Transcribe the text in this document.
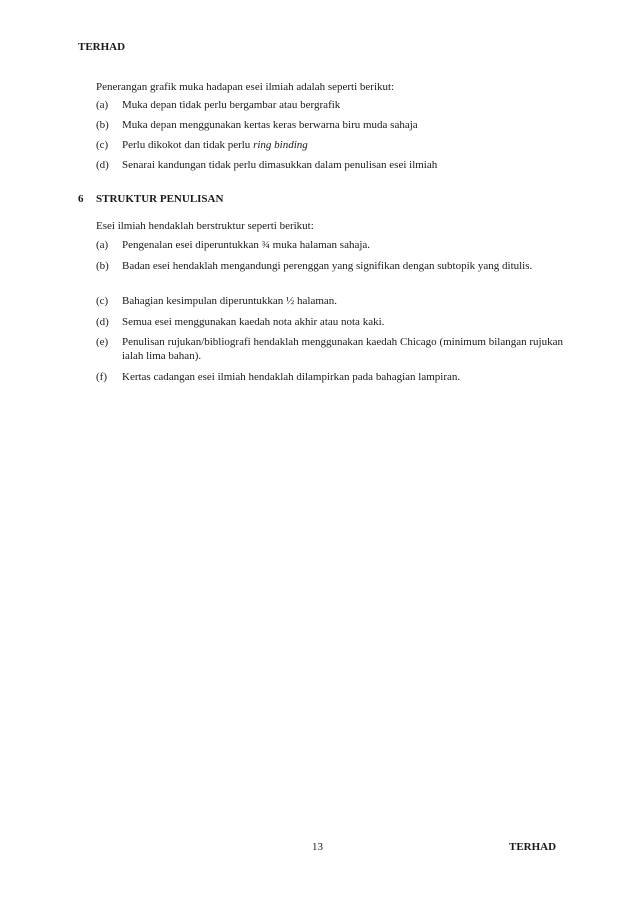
TERHAD
Penerangan grafik muka hadapan esei ilmiah adalah seperti berikut:
(a)	Muka depan tidak perlu bergambar atau bergrafik
(b)	Muka depan menggunakan kertas keras berwarna biru muda sahaja
(c)	Perlu dikokot dan tidak perlu ring binding
(d)	Senarai kandungan tidak perlu dimasukkan dalam penulisan esei ilmiah
6 STRUKTUR PENULISAN
Esei ilmiah hendaklah berstruktur seperti berikut:
(a)	Pengenalan esei diperuntukkan ¾ muka halaman sahaja.
(b)	Badan esei hendaklah mengandungi perenggan yang signifikan dengan subtopik yang ditulis.
(c)	Bahagian kesimpulan diperuntukkan ½ halaman.
(d)	Semua esei menggunakan kaedah nota akhir atau nota kaki.
(e)	Penulisan rujukan/bibliografi hendaklah menggunakan kaedah Chicago (minimum bilangan rujukan ialah lima bahan).
(f)	Kertas cadangan esei ilmiah hendaklah dilampirkan pada bahagian lampiran.
13	TERHAD
